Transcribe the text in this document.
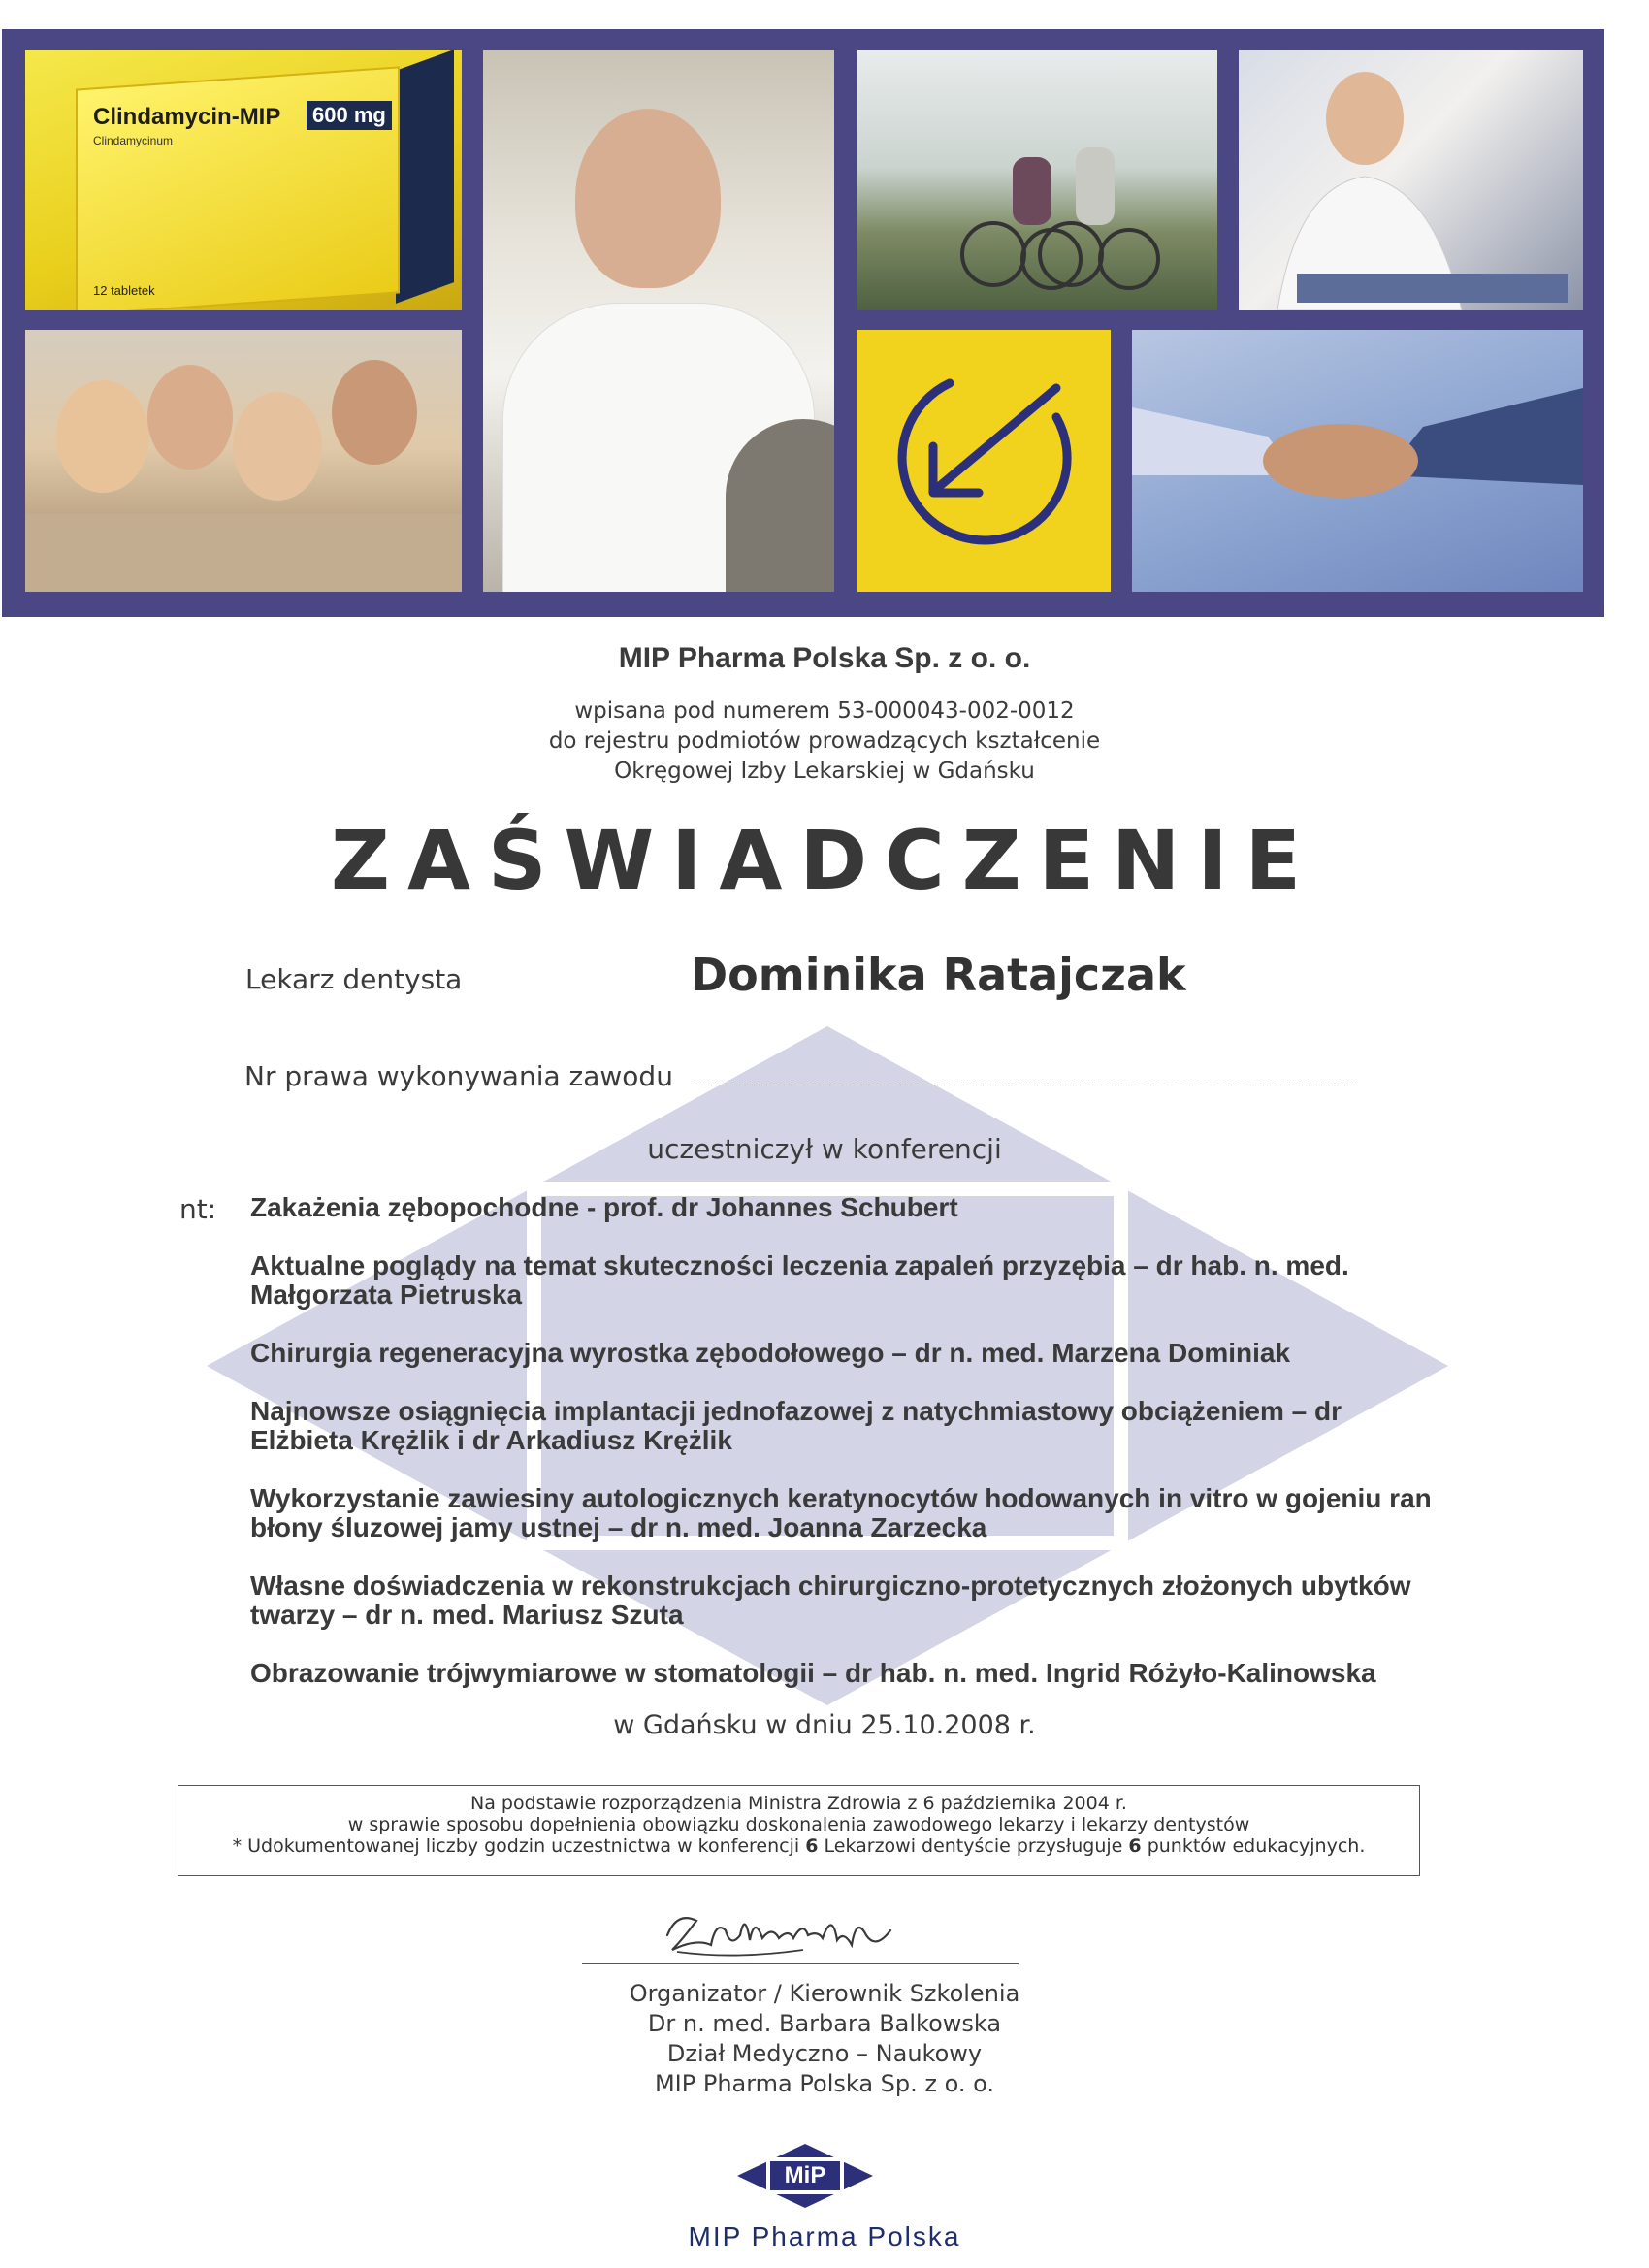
Clindamycin-MIP 600 mg
Clindamycinum
12 tabletek
MIP Pharma Polska Sp. z o. o.
wpisana pod numerem 53-000043-002-0012
do rejestru podmiotów prowadzących kształcenie
Okręgowej Izby Lekarskiej w Gdańsku
ZAŚWIADCZENIE
Lekarz dentysta	Dominika Ratajczak
Nr prawa wykonywania zawodu
uczestniczył w konferencji
nt: Zakażenia zębopochodne - prof. dr Johannes Schubert
Aktualne poglądy na temat skuteczności leczenia zapaleń przyzębia – dr hab. n. med. Małgorzata Pietruska
Chirurgia regeneracyjna wyrostka zębodołowego – dr n. med. Marzena Dominiak
Najnowsze osiągnięcia implantacji jednofazowej z natychmiastowy obciążeniem – dr Elżbieta Krężlik i dr Arkadiusz Krężlik
Wykorzystanie zawiesiny autologicznych keratynocytów hodowanych in vitro w gojeniu ran błony śluzowej jamy ustnej – dr n. med. Joanna Zarzecka
Własne doświadczenia w rekonstrukcjach chirurgiczno-protetycznych złożonych ubytków twarzy – dr n. med. Mariusz Szuta
Obrazowanie trójwymiarowe w stomatologii – dr hab. n. med. Ingrid Różyło-Kalinowska
w Gdańsku w dniu 25.10.2008 r.
Na podstawie rozporządzenia Ministra Zdrowia z 6 października 2004 r.
w sprawie sposobu dopełnienia obowiązku doskonalenia zawodowego lekarzy i lekarzy dentystów
* Udokumentowanej liczby godzin uczestnictwa w konferencji 6 Lekarzowi dentyście przysługuje 6 punktów edukacyjnych.
Organizator / Kierownik Szkolenia
Dr n. med. Barbara Balkowska
Dział Medyczno – Naukowy
MIP Pharma Polska Sp. z o. o.
MiP
MIP Pharma Polska
